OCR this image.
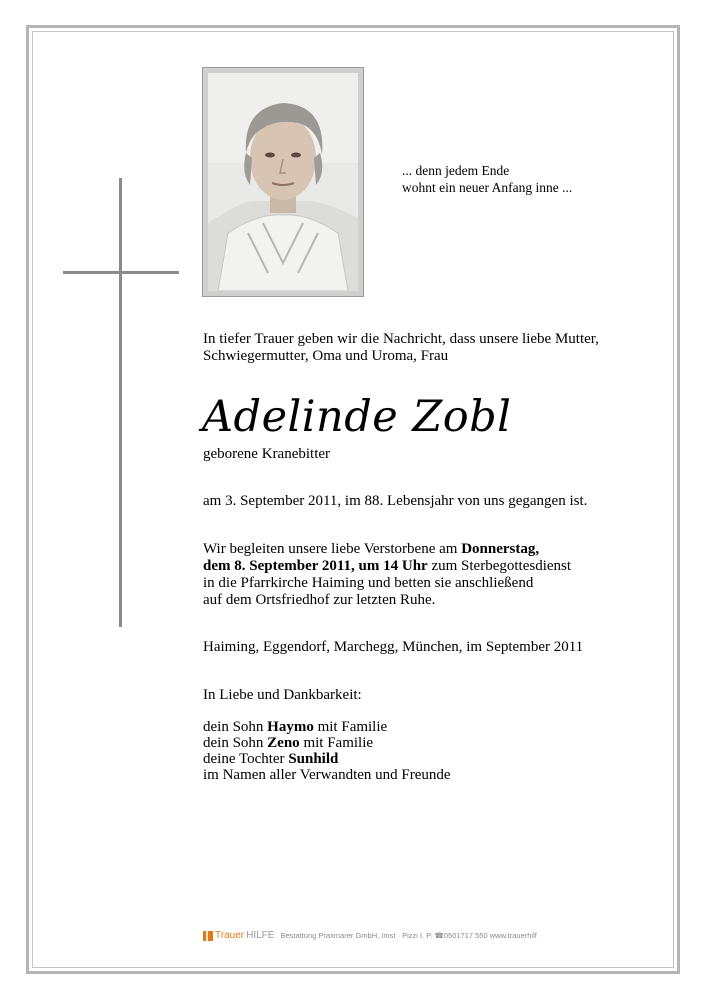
... denn jedem Ende
wohnt ein neuer Anfang inne ...
In tiefer Trauer geben wir die Nachricht, dass unsere liebe Mutter,
Schwiegermutter, Oma und Uroma, Frau
Adelinde Zobl
geborene Kranebitter
am 3. September 2011, im 88. Lebensjahr von uns gegangen ist.
Wir begleiten unsere liebe Verstorbene am Donnerstag,
dem 8. September 2011, um 14 Uhr zum Sterbegottesdienst
in die Pfarrkirche Haiming und betten sie anschließend
auf dem Ortsfriedhof zur letzten Ruhe.
Haiming, Eggendorf, Marchegg, München, im September 2011
In Liebe und Dankbarkeit:
dein Sohn Haymo mit Familie
dein Sohn Zeno mit Familie
deine Tochter Sunhild
im Namen aller Verwandten und Freunde
Trauer HILFE Bestattung Praxmarer GmbH, Imst · Pizzi I. P. ☎0501717 550 www.trauerhilf
